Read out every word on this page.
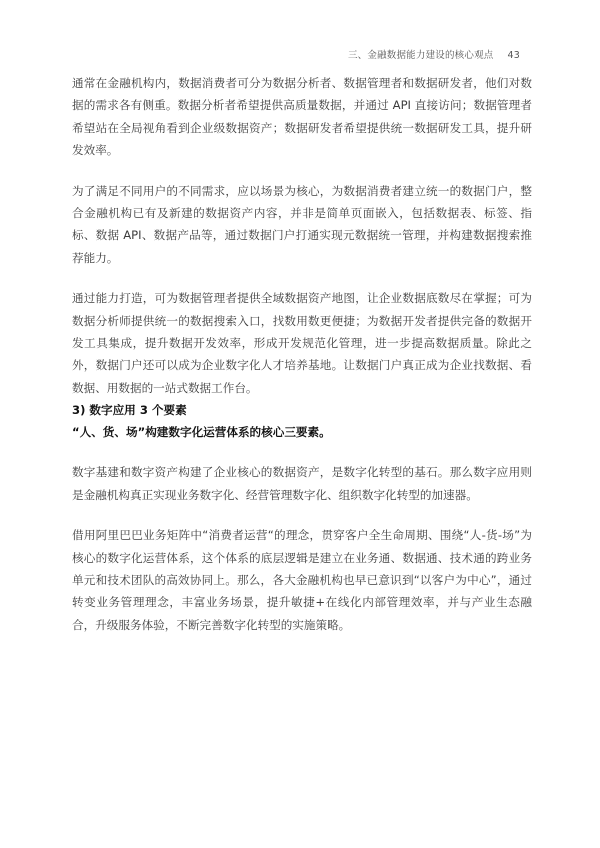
三、金融数据能力建设的核心观点 43

通常在金融机构内，数据消费者可分为数据分析者、数据管理者和数据研发者，他们对数据的需求各有侧重。数据分析者希望提供高质量数据，并通过 API 直接访问；数据管理者希望站在全局视角看到企业级数据资产；数据研发者希望提供统一数据研发工具，提升研发效率。

为了满足不同用户的不同需求，应以场景为核心，为数据消费者建立统一的数据门户，整合金融机构已有及新建的数据资产内容，并非是简单页面嵌入，包括数据表、标签、指标、数据 API、数据产品等，通过数据门户打通实现元数据统一管理，并构建数据搜索推荐能力。

通过能力打造，可为数据管理者提供全域数据资产地图，让企业数据底数尽在掌握；可为数据分析师提供统一的数据搜索入口，找数用数更便捷；为数据开发者提供完备的数据开发工具集成，提升数据开发效率，形成开发规范化管理，进一步提高数据质量。除此之外，数据门户还可以成为企业数字化人才培养基地。让数据门户真正成为企业找数据、看数据、用数据的一站式数据工作台。

3) 数字应用 3 个要素

“人、货、场”构建数字化运营体系的核心三要素。

数字基建和数字资产构建了企业核心的数据资产，是数字化转型的基石。那么数字应用则是金融机构真正实现业务数字化、经营管理数字化、组织数字化转型的加速器。

借用阿里巴巴业务矩阵中“消费者运营“的理念，贯穿客户全生命周期、围绕“人-货-场”为核心的数字化运营体系，这个体系的底层逻辑是建立在业务通、数据通、技术通的跨业务单元和技术团队的高效协同上。那么，各大金融机构也早已意识到“以客户为中心”，通过转变业务管理理念，丰富业务场景，提升敏捷+在线化内部管理效率，并与产业生态融合，升级服务体验，不断完善数字化转型的实施策略。
